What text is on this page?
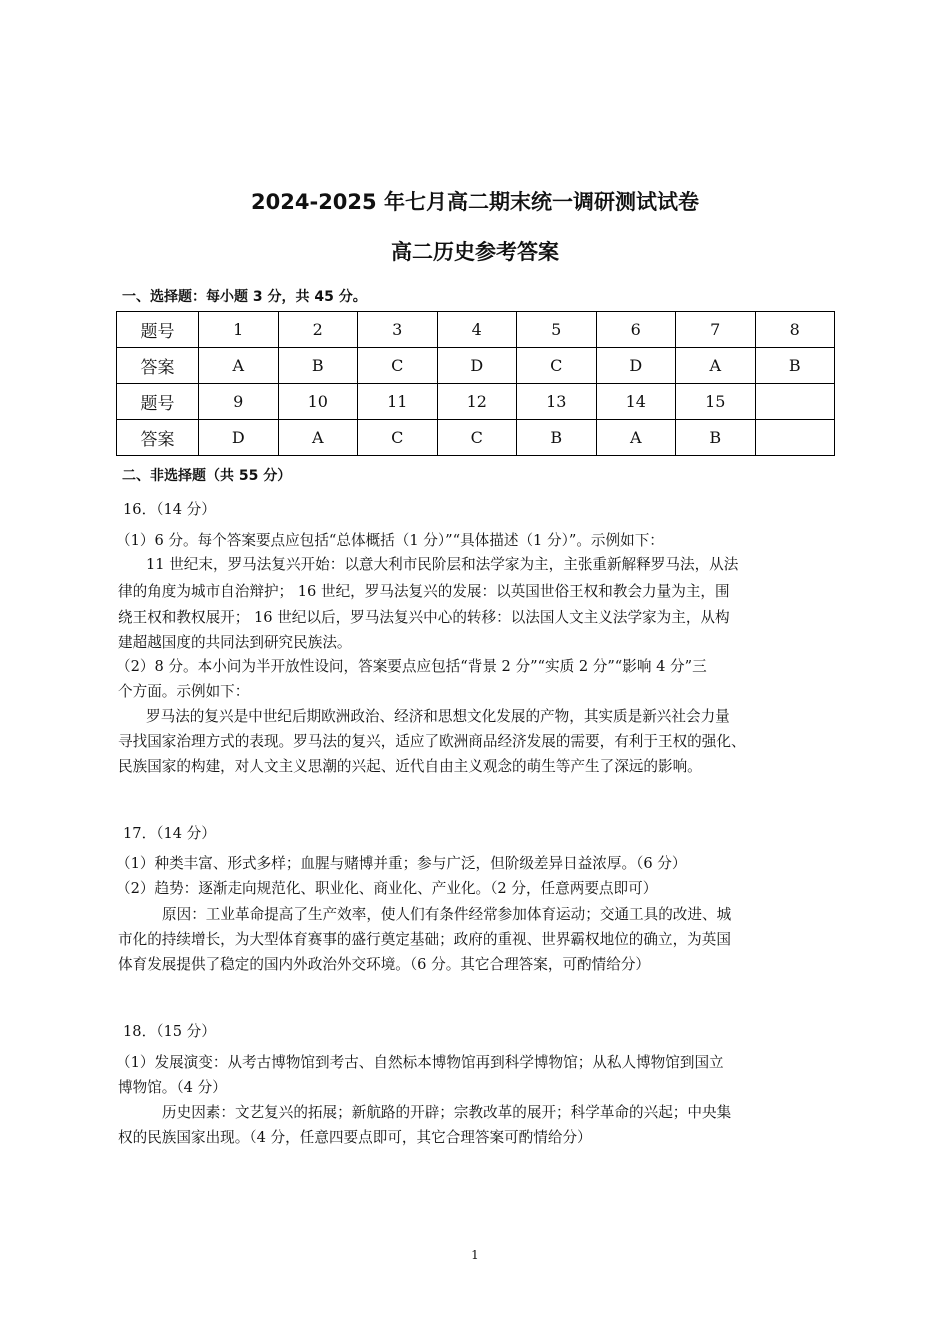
2024-2025 年七月高二期末统一调研测试试卷
高二历史参考答案
一、选择题：每小题 3 分，共 45 分。
题号	1	2	3	4	5	6	7	8
答案	A	B	C	D	C	D	A	B
题号	9	10	11	12	13	14	15	
答案	D	A	C	C	B	A	B	
二、非选择题（共 55 分）
16．（14 分）
（1）6 分。每个答案要点应包括“总体概括（1 分）”“具体描述（1 分）”。示例如下：
11 世纪末，罗马法复兴开始：以意大利市民阶层和法学家为主，主张重新解释罗马法，从法
律的角度为城市自治辩护； 16 世纪，罗马法复兴的发展：以英国世俗王权和教会力量为主，围
绕王权和教权展开； 16 世纪以后，罗马法复兴中心的转移：以法国人文主义法学家为主，从构
建超越国度的共同法到研究民族法。
（2）8 分。本小问为半开放性设问，答案要点应包括“背景 2 分”“实质 2 分”“影响 4 分”三
个方面。示例如下：
罗马法的复兴是中世纪后期欧洲政治、经济和思想文化发展的产物，其实质是新兴社会力量
寻找国家治理方式的表现。罗马法的复兴，适应了欧洲商品经济发展的需要，有利于王权的强化、
民族国家的构建，对人文主义思潮的兴起、近代自由主义观念的萌生等产生了深远的影响。
17．（14 分）
（1）种类丰富、形式多样；血腥与赌博并重；参与广泛，但阶级差异日益浓厚。（6 分）
（2）趋势：逐渐走向规范化、职业化、商业化、产业化。（2 分，任意两要点即可）
原因：工业革命提高了生产效率，使人们有条件经常参加体育运动；交通工具的改进、城
市化的持续增长，为大型体育赛事的盛行奠定基础；政府的重视、世界霸权地位的确立，为英国
体育发展提供了稳定的国内外政治外交环境。（6 分。其它合理答案，可酌情给分）
18．（15 分）
（1）发展演变：从考古博物馆到考古、自然标本博物馆再到科学博物馆；从私人博物馆到国立
博物馆。（4 分）
历史因素：文艺复兴的拓展；新航路的开辟；宗教改革的展开；科学革命的兴起；中央集
权的民族国家出现。（4 分，任意四要点即可，其它合理答案可酌情给分）
1
